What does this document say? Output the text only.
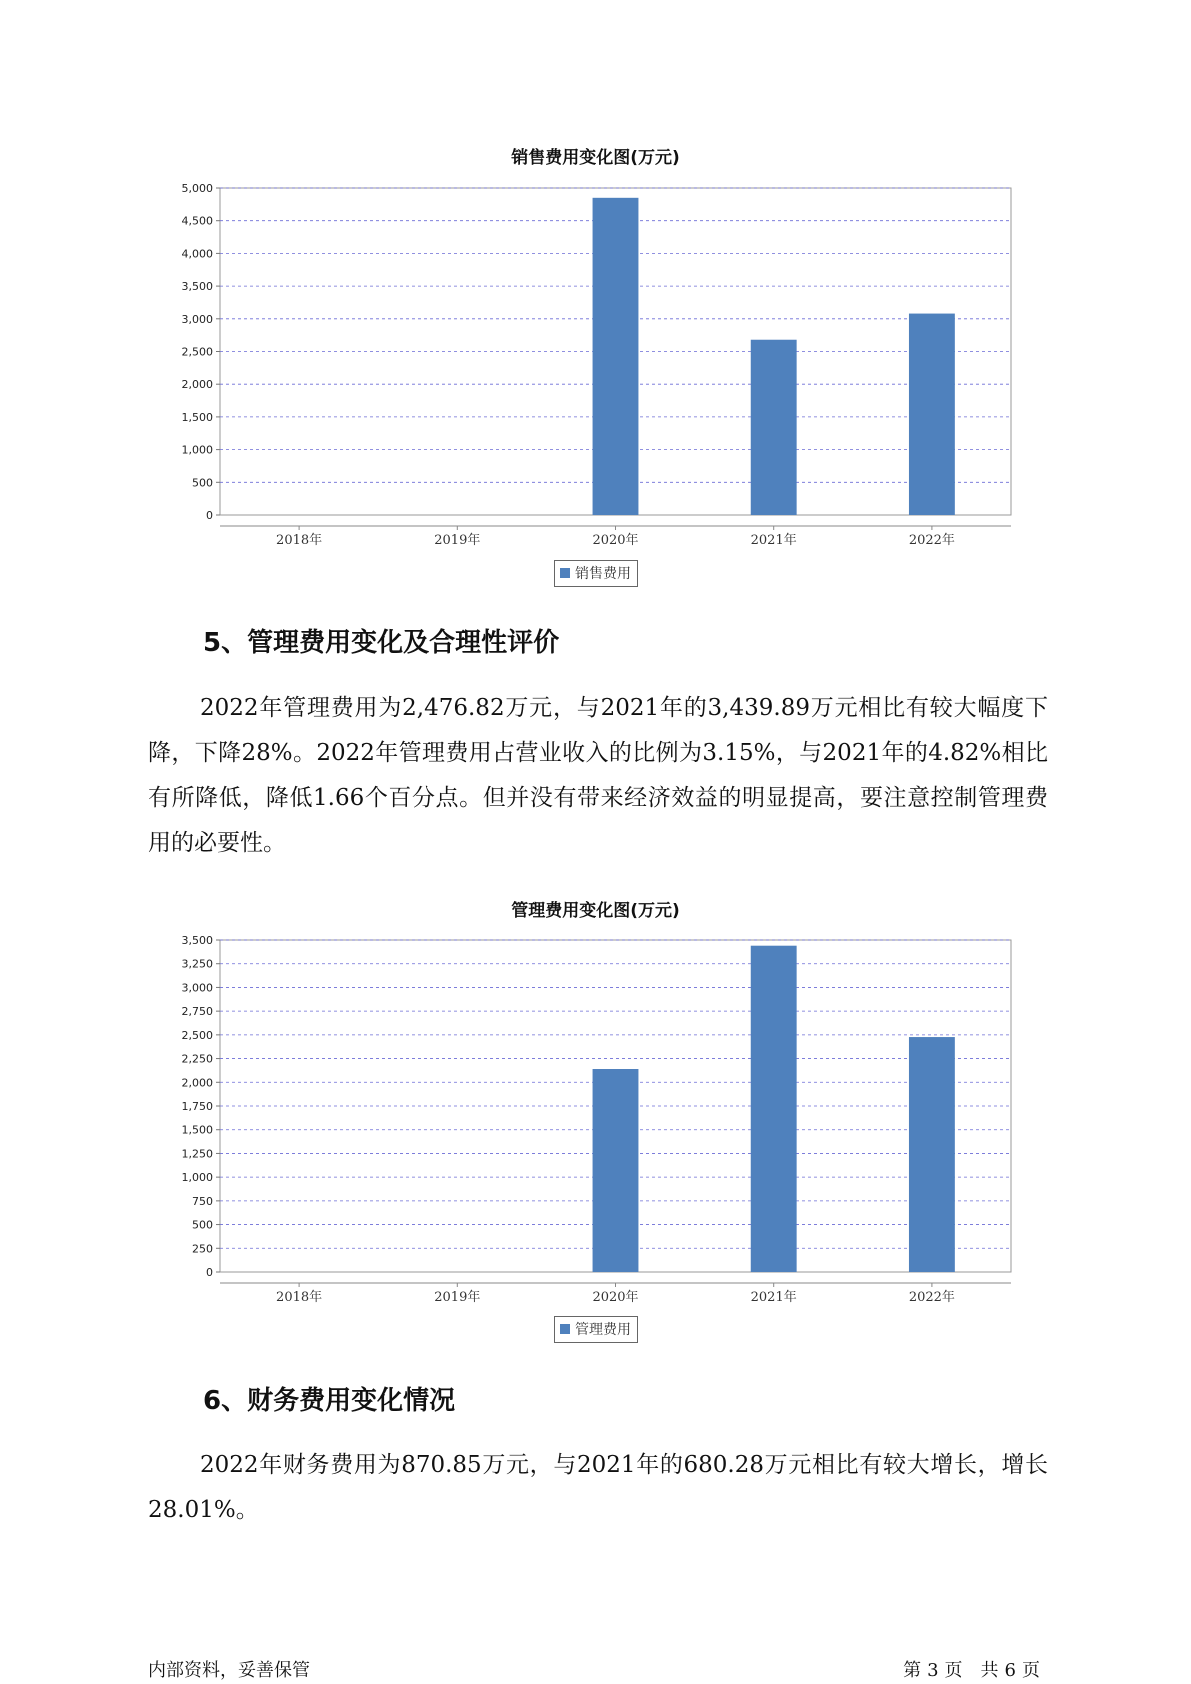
销售费用变化图(万元)
0
500
1,000
1,500
2,000
2,500
3,000
3,500
4,000
4,500
5,000
2018年	2019年	2020年	2021年	2022年
销售费用
5、管理费用变化及合理性评价

2022年管理费用为2,476.82万元，与2021年的3,439.89万元相比有较大幅度下降，下降28%。2022年管理费用占营业收入的比例为3.15%，与2021年的4.82%相比有所降低，降低1.66个百分点。但并没有带来经济效益的明显提高，要注意控制管理费用的必要性。

管理费用变化图(万元)
0
250
500
750
1,000
1,250
1,500
1,750
2,000
2,250
2,500
2,750
3,000
3,250
3,500
2018年	2019年	2020年	2021年	2022年
管理费用
6、财务费用变化情况

2022年财务费用为870.85万元，与2021年的680.28万元相比有较大增长，增长28.01%。

内部资料，妥善保管	第 3 页　共 6 页
